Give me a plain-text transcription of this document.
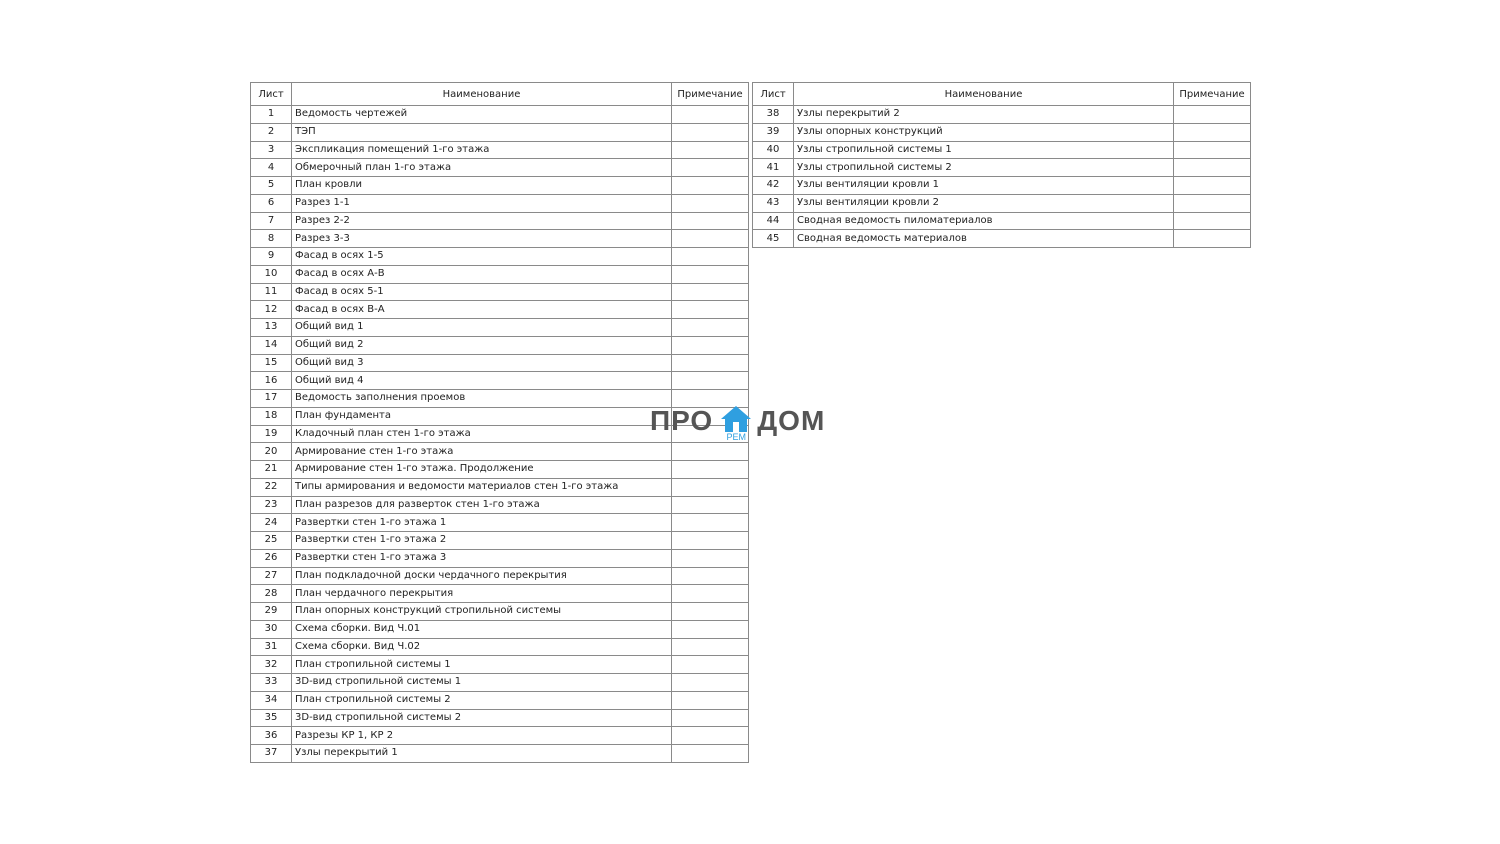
Лист	Наименование	Примечание
1	Ведомость чертежей	
2	ТЭП	
3	Экспликация помещений 1-го этажа	
4	Обмерочный план 1-го этажа	
5	План кровли	
6	Разрез 1-1	
7	Разрез 2-2	
8	Разрез 3-3	
9	Фасад в осях 1-5	
10	Фасад в осях А-В	
11	Фасад в осях 5-1	
12	Фасад в осях В-А	
13	Общий вид 1	
14	Общий вид 2	
15	Общий вид 3	
16	Общий вид 4	
17	Ведомость заполнения проемов	
18	План фундамента	
19	Кладочный план стен 1-го этажа	
20	Армирование стен 1-го этажа	
21	Армирование стен 1-го этажа. Продолжение	
22	Типы армирования и ведомости материалов стен 1-го этажа	
23	План разрезов для разверток стен 1-го этажа	
24	Развертки стен 1-го этажа 1	
25	Развертки стен 1-го этажа 2	
26	Развертки стен 1-го этажа 3	
27	План подкладочной доски чердачного перекрытия	
28	План чердачного перекрытия	
29	План опорных конструкций стропильной системы	
30	Схема сборки. Вид Ч.01	
31	Схема сборки. Вид Ч.02	
32	План стропильной системы 1	
33	3D-вид стропильной системы 1	
34	План стропильной системы 2	
35	3D-вид стропильной системы 2	
36	Разрезы КР 1, КР 2	
37	Узлы перекрытий 1	
Лист	Наименование	Примечание
38	Узлы перекрытий 2	
39	Узлы опорных конструкций	
40	Узлы стропильной системы 1	
41	Узлы стропильной системы 2	
42	Узлы вентиляции кровли 1	
43	Узлы вентиляции кровли 2	
44	Сводная ведомость пиломатериалов	
45	Сводная ведомость материалов	
ПРО
РЕМ
ДОМ
